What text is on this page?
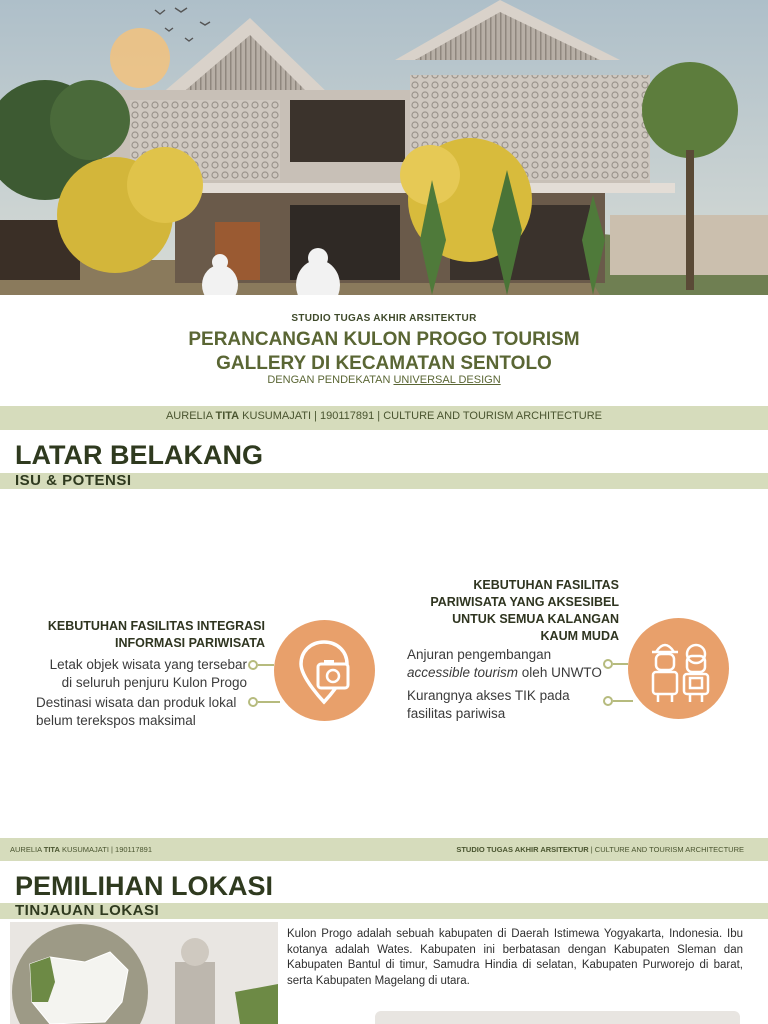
STUDIO TUGAS AKHIR ARSITEKTUR
PERANCANGAN KULON PROGO TOURISM
GALLERY DI KECAMATAN SENTOLO
DENGAN PENDEKATAN UNIVERSAL DESIGN
AURELIA TITA KUSUMAJATI | 190117891 | CULTURE AND TOURISM ARCHITECTURE
LATAR BELAKANG
ISU & POTENSI
KEBUTUHAN FASILITAS INTEGRASI
INFORMASI PARIWISATA
Letak objek wisata yang tersebar
di seluruh penjuru Kulon Progo
Destinasi wisata dan produk lokal
belum terekspos maksimal
KEBUTUHAN FASILITAS
PARIWISATA YANG AKSESIBEL
UNTUK SEMUA KALANGAN
KAUM MUDA
Anjuran pengembangan
accessible tourism oleh UNWTO
Kurangnya akses TIK pada
fasilitas pariwisa
AURELIA TITA KUSUMAJATI | 190117891	STUDIO TUGAS AKHIR ARSITEKTUR | CULTURE AND TOURISM ARCHITECTURE
PEMILIHAN LOKASI
TINJAUAN LOKASI
Kulon Progo adalah sebuah kabupaten di Daerah Istimewa Yogyakarta, Indonesia. Ibu kotanya adalah Wates. Kabupaten ini berbatasan dengan Kabupaten Sleman dan Kabupaten Bantul di timur, Samudra Hindia di selatan, Kabupaten Purworejo di barat, serta Kabupaten Magelang di utara.
